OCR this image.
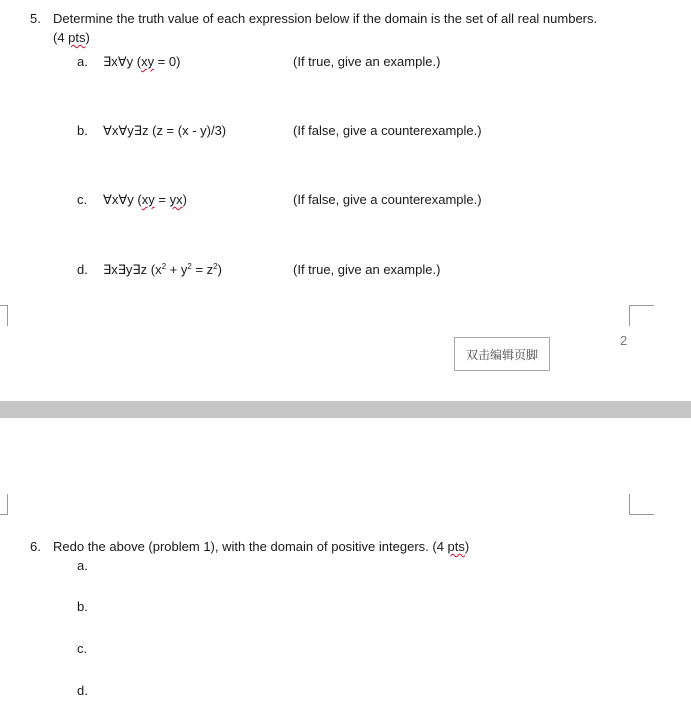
5. Determine the truth value of each expression below if the domain is the set of all real numbers.
(4 pts)
a. ∃x∀y (xy = 0)	(If true, give an example.)
b. ∀x∀y∃z (z = (x - y)/3)	(If false, give a counterexample.)
c. ∀x∀y (xy = yx)	(If false, give a counterexample.)
d. ∃x∃y∃z $(x^2 + y^2 = z^2)$	(If true, give an example.)
2
双击编辑页脚
6. Redo the above (problem 1), with the domain of positive integers. (4 pts)
a.
b.
c.
d.
